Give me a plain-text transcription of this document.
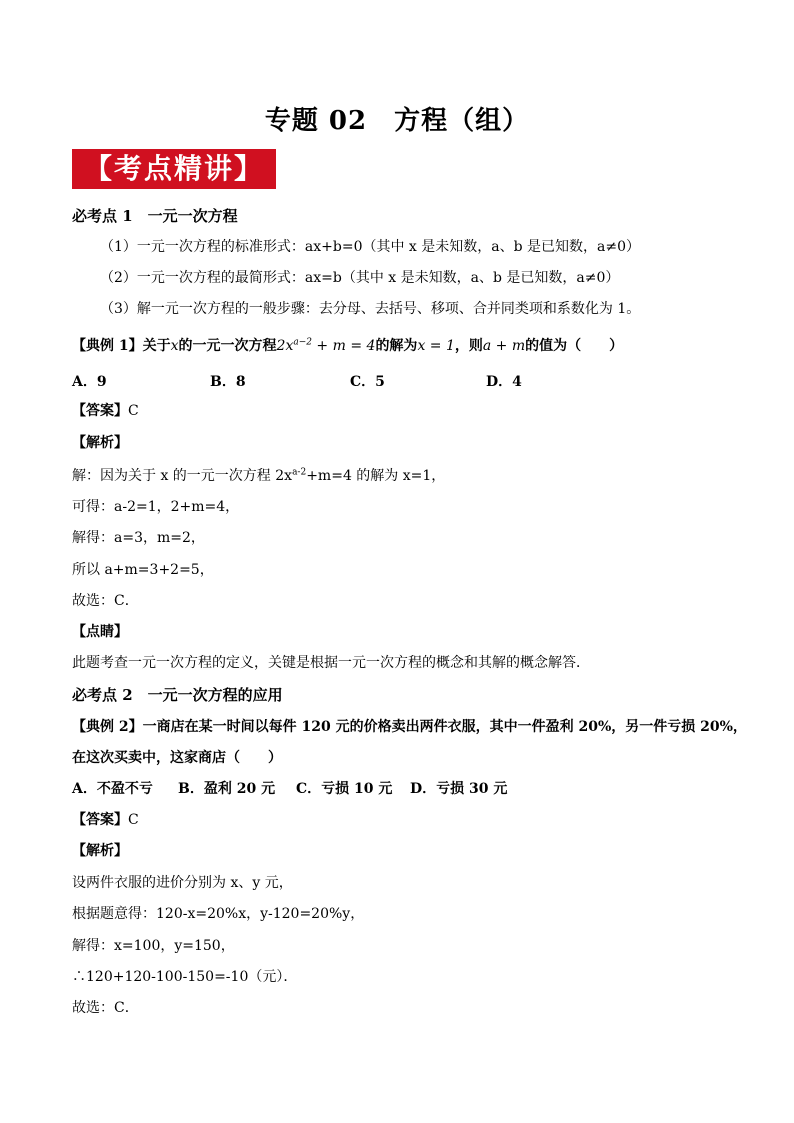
专题 02　方程（组）
【考点精讲】
必考点 1　一元一次方程
（1）一元一次方程的标准形式：ax+b=0（其中 x 是未知数，a、b 是已知数，a≠0）
（2）一元一次方程的最简形式：ax=b（其中 x 是未知数，a、b 是已知数，a≠0）
（3）解一元一次方程的一般步骤：去分母、去括号、移项、合并同类项和系数化为 1。
【典例 1】关于x的一元一次方程$2x^{a-2} + m = 4$的解为x = 1，则a + m的值为（　　）
A．9	B．8	C．5	D．4
【答案】C
【解析】
解：因为关于 x 的一元一次方程 $2x^{a-2}+m=4$ 的解为 x=1，
可得：a-2=1，2+m=4，
解得：a=3，m=2，
所以 a+m=3+2=5，
故选：C．
【点睛】
此题考查一元一次方程的定义，关键是根据一元一次方程的概念和其解的概念解答．
必考点 2　一元一次方程的应用
【典例 2】一商店在某一时间以每件 120 元的价格卖出两件衣服，其中一件盈利 20%，另一件亏损 20%，
在这次买卖中，这家商店（　　）
A．不盈不亏 B．盈利 20 元 C．亏损 10 元 D．亏损 30 元
【答案】C
【解析】
设两件衣服的进价分别为 x、y 元，
根据题意得：120-x=20%x，y-120=20%y，
解得：x=100，y=150，
∴120+120-100-150=-10（元）．
故选：C．
